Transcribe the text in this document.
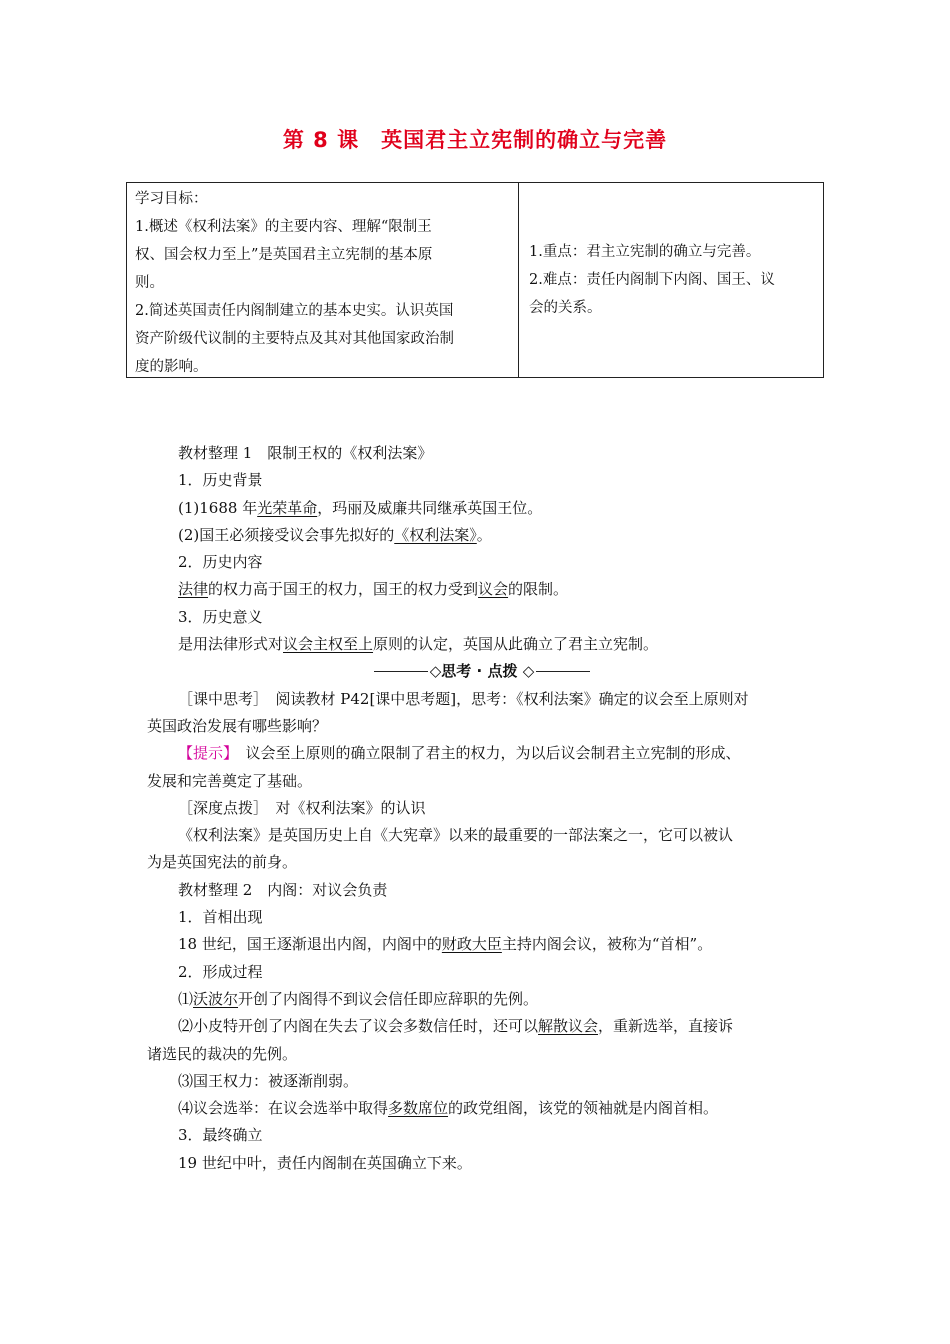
第 8 课　英国君主立宪制的确立与完善
学习目标：
1.概述《权利法案》的主要内容、理解“限制王
权、国会权力至上”是英国君主立宪制的基本原
则。
2.简述英国责任内阁制建立的基本史实。认识英国
资产阶级代议制的主要特点及其对其他国家政治制
度的影响。
1.重点：君主立宪制的确立与完善。
2.难点：责任内阁制下内阁、国王、议
会的关系。

教材整理 1　限制王权的《权利法案》

1．历史背景

(1)1688 年光荣革命，玛丽及威廉共同继承英国王位。

(2)国王必须接受议会事先拟好的《权利法案》。

2．历史内容

法律的权力高于国王的权力，国王的权力受到议会的限制。

3．历史意义

是用法律形式对议会主权至上原则的认定，英国从此确立了君主立宪制。

◇思考 · 点拨 ◇

［课中思考］　阅读教材 P42[课中思考题]，思考：《权利法案》确定的议会至上原则对

英国政治发展有哪些影响？

【提示】　议会至上原则的确立限制了君主的权力，为以后议会制君主立宪制的形成、

发展和完善奠定了基础。

［深度点拨］　对《权利法案》的认识

《权利法案》是英国历史上自《大宪章》以来的最重要的一部法案之一，它可以被认

为是英国宪法的前身。

教材整理 2　内阁：对议会负责

1．首相出现

18 世纪，国王逐渐退出内阁，内阁中的财政大臣主持内阁会议，被称为“首相”。

2．形成过程

⑴沃波尔开创了内阁得不到议会信任即应辞职的先例。

⑵小皮特开创了内阁在失去了议会多数信任时，还可以解散议会，重新选举，直接诉

诸选民的裁决的先例。

⑶国王权力：被逐渐削弱。

⑷议会选举：在议会选举中取得多数席位的政党组阁，该党的领袖就是内阁首相。

3．最终确立

19 世纪中叶，责任内阁制在英国确立下来。
